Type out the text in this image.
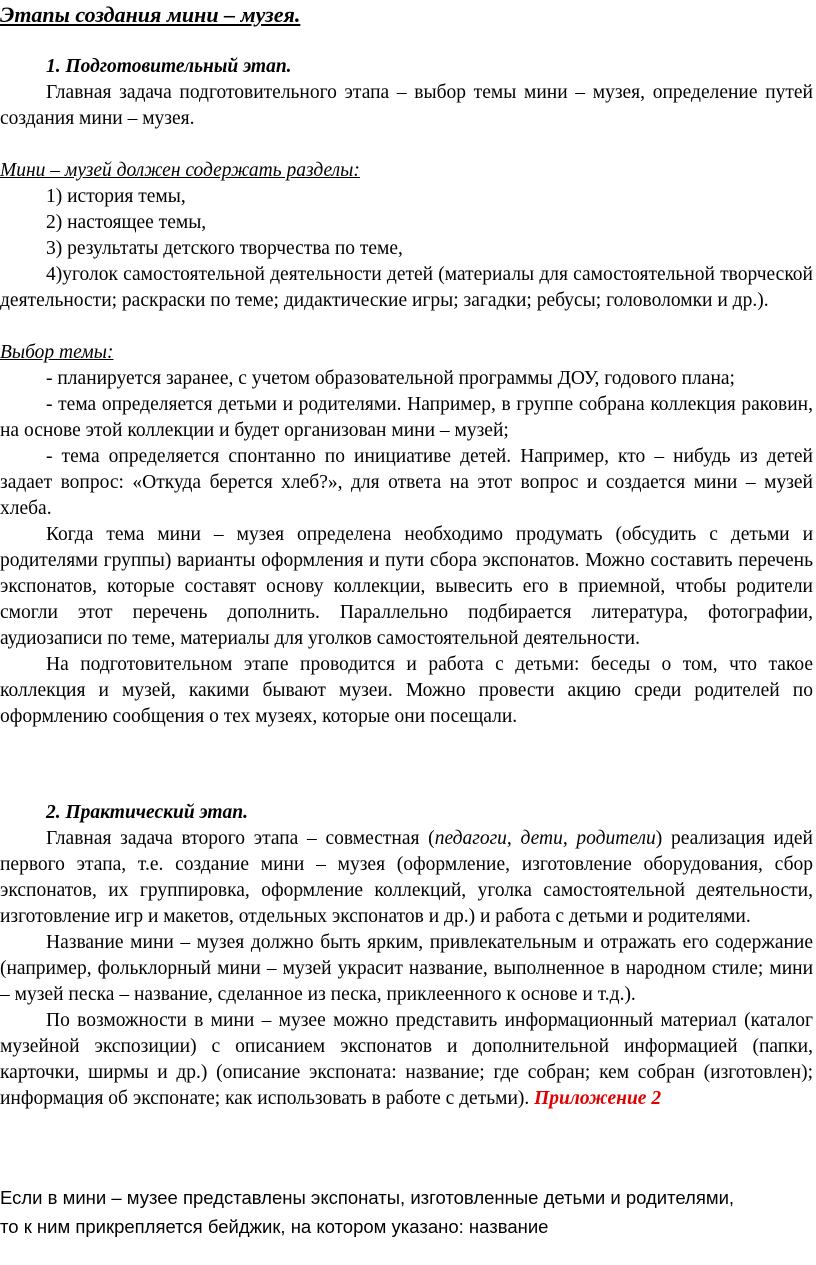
Этапы создания мини – музея.

1. Подготовительный этап.

Главная задача подготовительного этапа – выбор темы мини – музея, определение путей создания мини – музея.

Мини – музей должен содержать разделы:

1) история темы,

2) настоящее темы,

3) результаты детского творчества по теме,

4)уголок самостоятельной деятельности детей (материалы для самостоятельной творческой деятельности; раскраски по теме; дидактические игры; загадки; ребусы; головоломки и др.).

Выбор темы:

- планируется заранее, с учетом образовательной программы ДОУ, годового плана;

- тема определяется детьми и родителями. Например, в группе собрана коллекция раковин, на основе этой коллекции и будет организован мини – музей;

- тема определяется спонтанно по инициативе детей. Например, кто – нибудь из детей задает вопрос: «Откуда берется хлеб?», для ответа на этот вопрос и создается мини – музей хлеба.

Когда тема мини – музея определена необходимо продумать (обсудить с детьми и родителями группы) варианты оформления и пути сбора экспонатов. Можно составить перечень экспонатов, которые составят основу коллекции, вывесить его в приемной, чтобы родители смогли этот перечень дополнить. Параллельно подбирается литература, фотографии, аудиозаписи по теме, материалы для уголков самостоятельной деятельности.

На подготовительном этапе проводится и работа с детьми: беседы о том, что такое коллекция и музей, какими бывают музеи. Можно провести акцию среди родителей по оформлению сообщения о тех музеях, которые они посещали.

2. Практический этап.

Главная задача второго этапа – совместная (педагоги, дети, родители) реализация идей первого этапа, т.е. создание мини – музея (оформление, изготовление оборудования, сбор экспонатов, их группировка, оформление коллекций, уголка самостоятельной деятельности, изготовление игр и макетов, отдельных экспонатов и др.) и работа с детьми и родителями.

Название мини – музея должно быть ярким, привлекательным и отражать его содержание (например, фольклорный мини – музей украсит название, выполненное в народном стиле; мини – музей песка – название, сделанное из песка, приклеенного к основе и т.д.).

По возможности в мини – музее можно представить информационный материал (каталог музейной экспозиции) с описанием экспонатов и дополнительной информацией (папки, карточки, ширмы и др.) (описание экспоната: название; где собран; кем собран (изготовлен); информация об экспонате; как использовать в работе с детьми). Приложение 2

Если в мини – музее представлены экспонаты, изготовленные детьми и родителями,
то к ним прикрепляется бейджик, на котором указано: название
